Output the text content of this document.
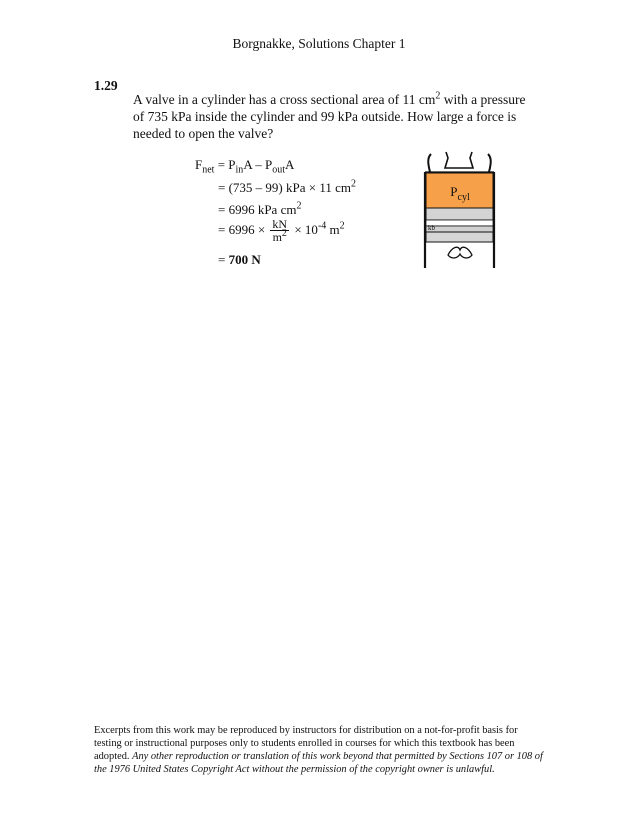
Borgnakke, Solutions Chapter 1
1.29
A valve in a cylinder has a cross sectional area of 11 $cm^2$ with a pressure of 735 kPa inside the cylinder and 99 kPa outside. How large a force is needed to open the valve?
$F_{net} = P_{in}A - P_{out}A$
= (735 – 99) kPa × 11 $cm^2$
= 6996 kPa $cm^2$
= $6996 \times \frac{kN}{m^2} \times 10^{-4}$ $m^2$
= 700 N
$P_{cyl}$
kb
Excerpts from this work may be reproduced by instructors for distribution on a not-for-profit basis for testing or instructional purposes only to students enrolled in courses for which this textbook has been adopted. Any other reproduction or translation of this work beyond that permitted by Sections 107 or 108 of the 1976 United States Copyright Act without the permission of the copyright owner is unlawful.
